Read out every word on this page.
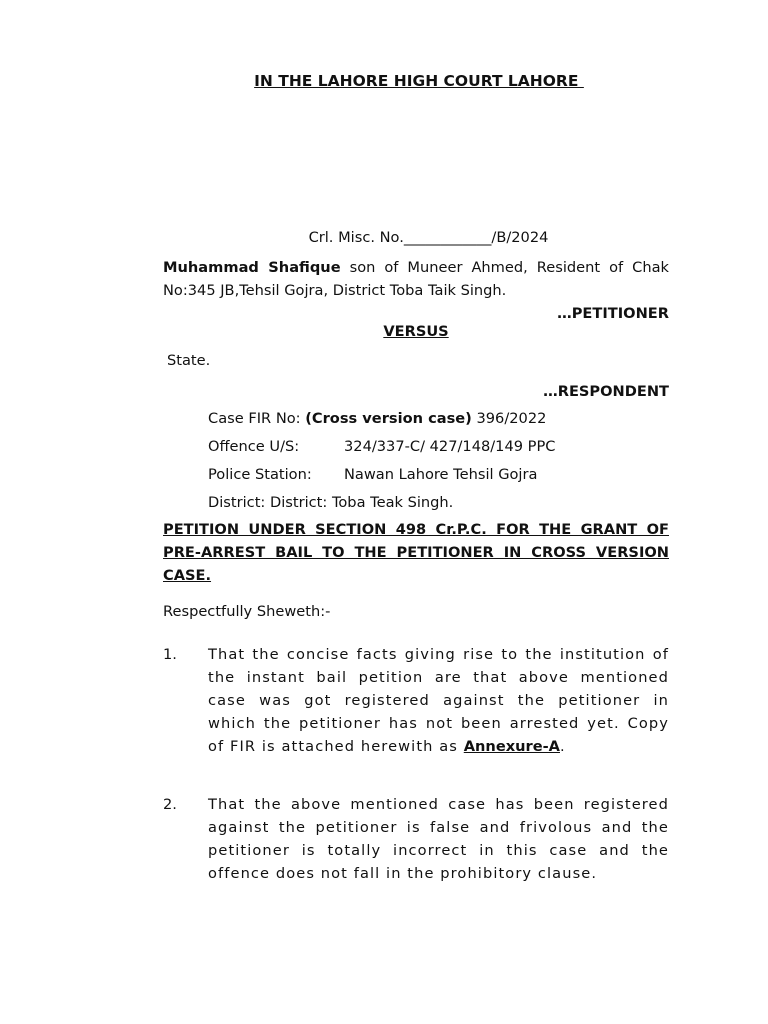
IN THE LAHORE HIGH COURT LAHORE
Crl. Misc. No.____________/B/2024
Muhammad Shafique son of Muneer Ahmed, Resident of Chak No:345 JB,Tehsil Gojra, District Toba Taik Singh.
…PETITIONER
VERSUS
State.
…RESPONDENT
Case FIR No: (Cross version case) 396/2022
Offence U/S:	324/337-C/ 427/148/149 PPC
Police Station: Nawan Lahore Tehsil Gojra
District: District: Toba Teak Singh.
PETITION UNDER SECTION 498 Cr.P.C. FOR THE GRANT OF PRE-ARREST BAIL TO THE PETITIONER IN CROSS VERSION CASE.
Respectfully Sheweth:-
1. That the concise facts giving rise to the institution of the instant bail petition are that above mentioned case was got registered against the petitioner in which the petitioner has not been arrested yet. Copy of FIR is attached herewith as Annexure-A.
2. That the above mentioned case has been registered against the petitioner is false and frivolous and the petitioner is totally incorrect in this case and the offence does not fall in the prohibitory clause.
